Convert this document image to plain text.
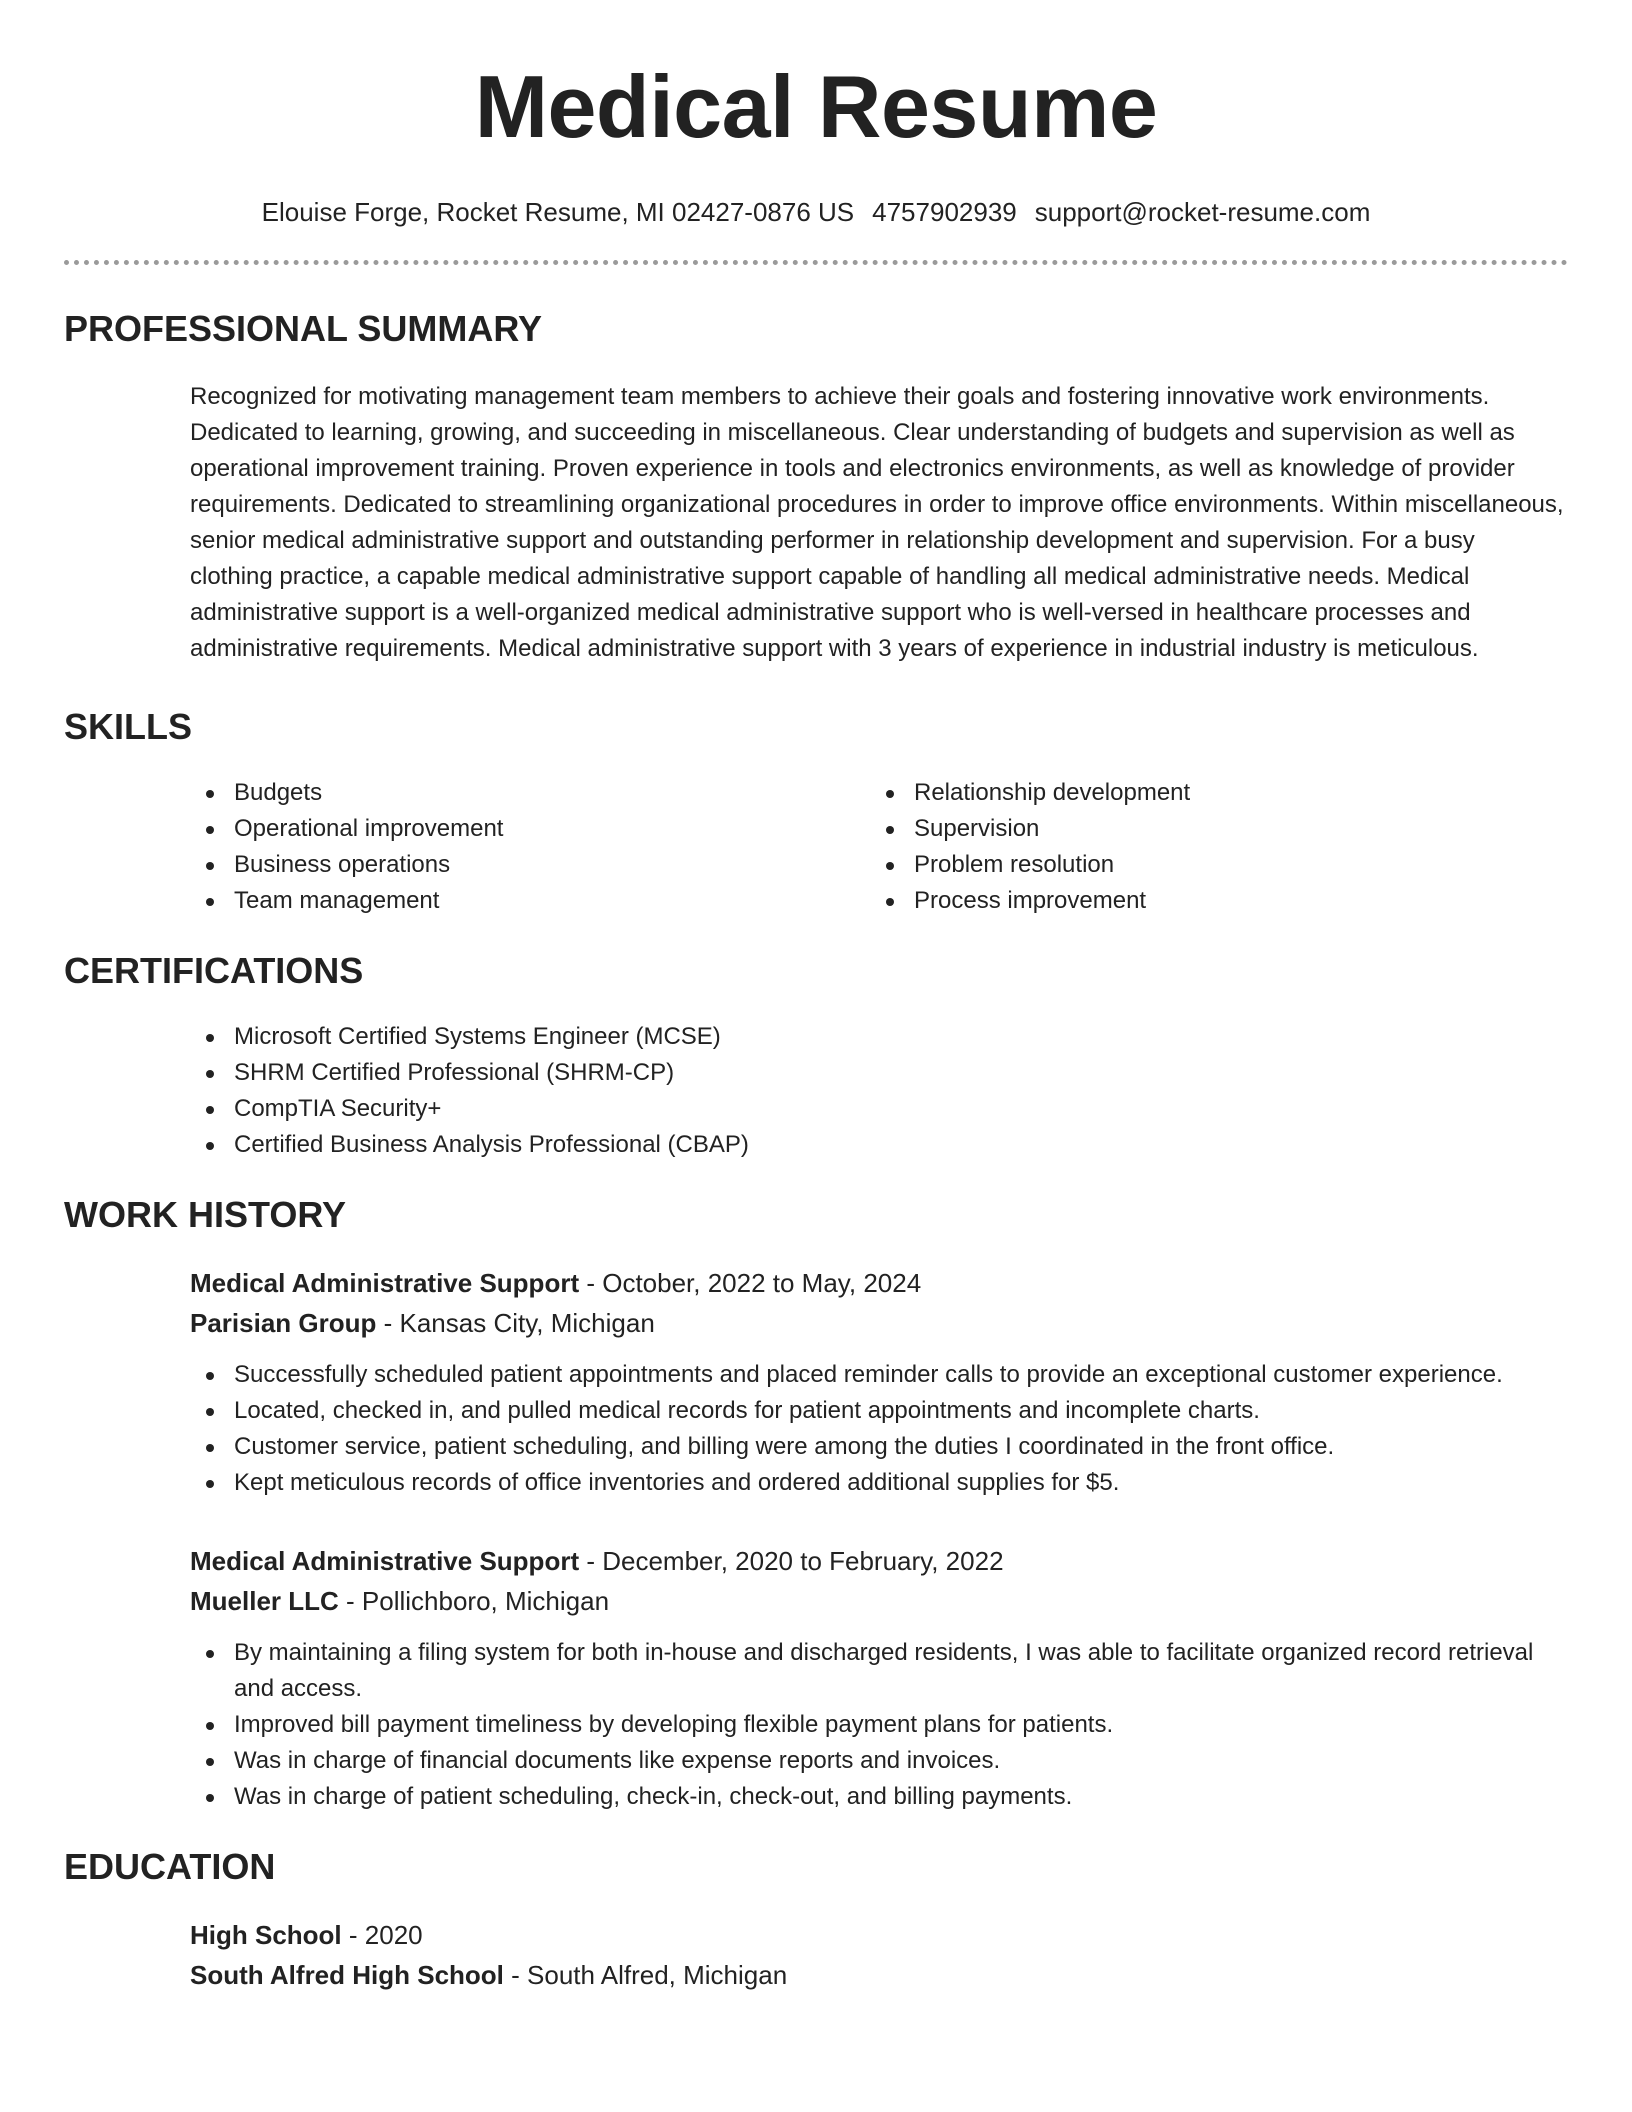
Medical Resume
Elouise Forge, Rocket Resume, MI 02427-0876 US 4757902939 support@rocket-resume.com
PROFESSIONAL SUMMARY

Recognized for motivating management team members to achieve their goals and fostering innovative work environments. Dedicated to learning, growing, and succeeding in miscellaneous. Clear understanding of budgets and supervision as well as operational improvement training. Proven experience in tools and electronics environments, as well as knowledge of provider requirements. Dedicated to streamlining organizational procedures in order to improve office environments. Within miscellaneous, senior medical administrative support and outstanding performer in relationship development and supervision. For a busy clothing practice, a capable medical administrative support capable of handling all medical administrative needs. Medical administrative support is a well-organized medical administrative support who is well-versed in healthcare processes and administrative requirements. Medical administrative support with 3 years of experience in industrial industry is meticulous.

SKILLS
Budgets
Operational improvement
Business operations
Team management
Relationship development
Supervision
Problem resolution
Process improvement
CERTIFICATIONS
Microsoft Certified Systems Engineer (MCSE)
SHRM Certified Professional (SHRM-CP)
CompTIA Security+
Certified Business Analysis Professional (CBAP)
WORK HISTORY
Medical Administrative Support - October, 2022 to May, 2024
Parisian Group - Kansas City, Michigan
Successfully scheduled patient appointments and placed reminder calls to provide an exceptional customer experience.
Located, checked in, and pulled medical records for patient appointments and incomplete charts.
Customer service, patient scheduling, and billing were among the duties I coordinated in the front office.
Kept meticulous records of office inventories and ordered additional supplies for $5.
Medical Administrative Support - December, 2020 to February, 2022
Mueller LLC - Pollichboro, Michigan
By maintaining a filing system for both in-house and discharged residents, I was able to facilitate organized record retrieval and access.
Improved bill payment timeliness by developing flexible payment plans for patients.
Was in charge of financial documents like expense reports and invoices.
Was in charge of patient scheduling, check-in, check-out, and billing payments.
EDUCATION
High School - 2020
South Alfred High School - South Alfred, Michigan
